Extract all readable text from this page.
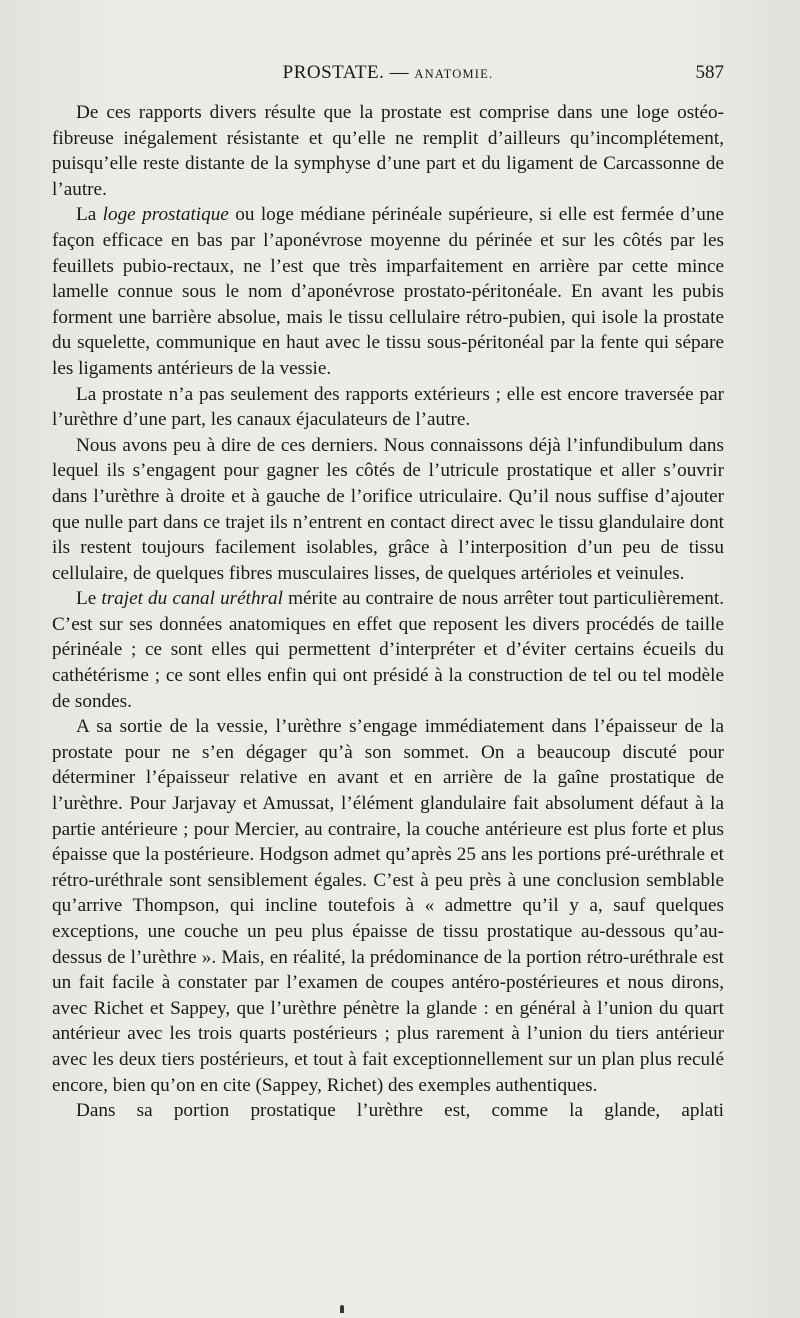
PROSTATE. — ANATOMIE.	587

De ces rapports divers résulte que la prostate est comprise dans une loge ostéo-fibreuse inégalement résistante et qu’elle ne remplit d’ailleurs qu’incomplétement, puisqu’elle reste distante de la symphyse d’une part et du ligament de Carcassonne de l’autre.

La loge prostatique ou loge médiane périnéale supérieure, si elle est fermée d’une façon efficace en bas par l’aponévrose moyenne du périnée et sur les côtés par les feuillets pubio-rectaux, ne l’est que très imparfaitement en arrière par cette mince lamelle connue sous le nom d’aponévrose prostato-péritonéale. En avant les pubis forment une barrière absolue, mais le tissu cellulaire rétro-pubien, qui isole la prostate du squelette, communique en haut avec le tissu sous-péritonéal par la fente qui sépare les ligaments antérieurs de la vessie.

La prostate n’a pas seulement des rapports extérieurs ; elle est encore traversée par l’urèthre d’une part, les canaux éjaculateurs de l’autre.

Nous avons peu à dire de ces derniers. Nous connaissons déjà l’infundibulum dans lequel ils s’engagent pour gagner les côtés de l’utricule prostatique et aller s’ouvrir dans l’urèthre à droite et à gauche de l’orifice utriculaire. Qu’il nous suffise d’ajouter que nulle part dans ce trajet ils n’entrent en contact direct avec le tissu glandulaire dont ils restent toujours facilement isolables, grâce à l’interposition d’un peu de tissu cellulaire, de quelques fibres musculaires lisses, de quelques artérioles et veinules.

Le trajet du canal uréthral mérite au contraire de nous arrêter tout particulièrement. C’est sur ses données anatomiques en effet que reposent les divers procédés de taille périnéale ; ce sont elles qui permettent d’interpréter et d’éviter certains écueils du cathétérisme ; ce sont elles enfin qui ont présidé à la construction de tel ou tel modèle de sondes.

A sa sortie de la vessie, l’urèthre s’engage immédiatement dans l’épaisseur de la prostate pour ne s’en dégager qu’à son sommet. On a beaucoup discuté pour déterminer l’épaisseur relative en avant et en arrière de la gaîne prostatique de l’urèthre. Pour Jarjavay et Amussat, l’élément glandulaire fait absolument défaut à la partie antérieure ; pour Mercier, au contraire, la couche antérieure est plus forte et plus épaisse que la postérieure. Hodgson admet qu’après 25 ans les portions pré-uréthrale et rétro-uréthrale sont sensiblement égales. C’est à peu près à une conclusion semblable qu’arrive Thompson, qui incline toutefois à « admettre qu’il y a, sauf quelques exceptions, une couche un peu plus épaisse de tissu prostatique au-dessous qu’au-dessus de l’urèthre ». Mais, en réalité, la prédominance de la portion rétro-uréthrale est un fait facile à constater par l’examen de coupes antéro-postérieures et nous dirons, avec Richet et Sappey, que l’urèthre pénètre la glande : en général à l’union du quart antérieur avec les trois quarts postérieurs ; plus rarement à l’union du tiers antérieur avec les deux tiers postérieurs, et tout à fait exceptionnellement sur un plan plus reculé encore, bien qu’on en cite (Sappey, Richet) des exemples authentiques.

Dans sa portion prostatique l’urèthre est, comme la glande, aplati
